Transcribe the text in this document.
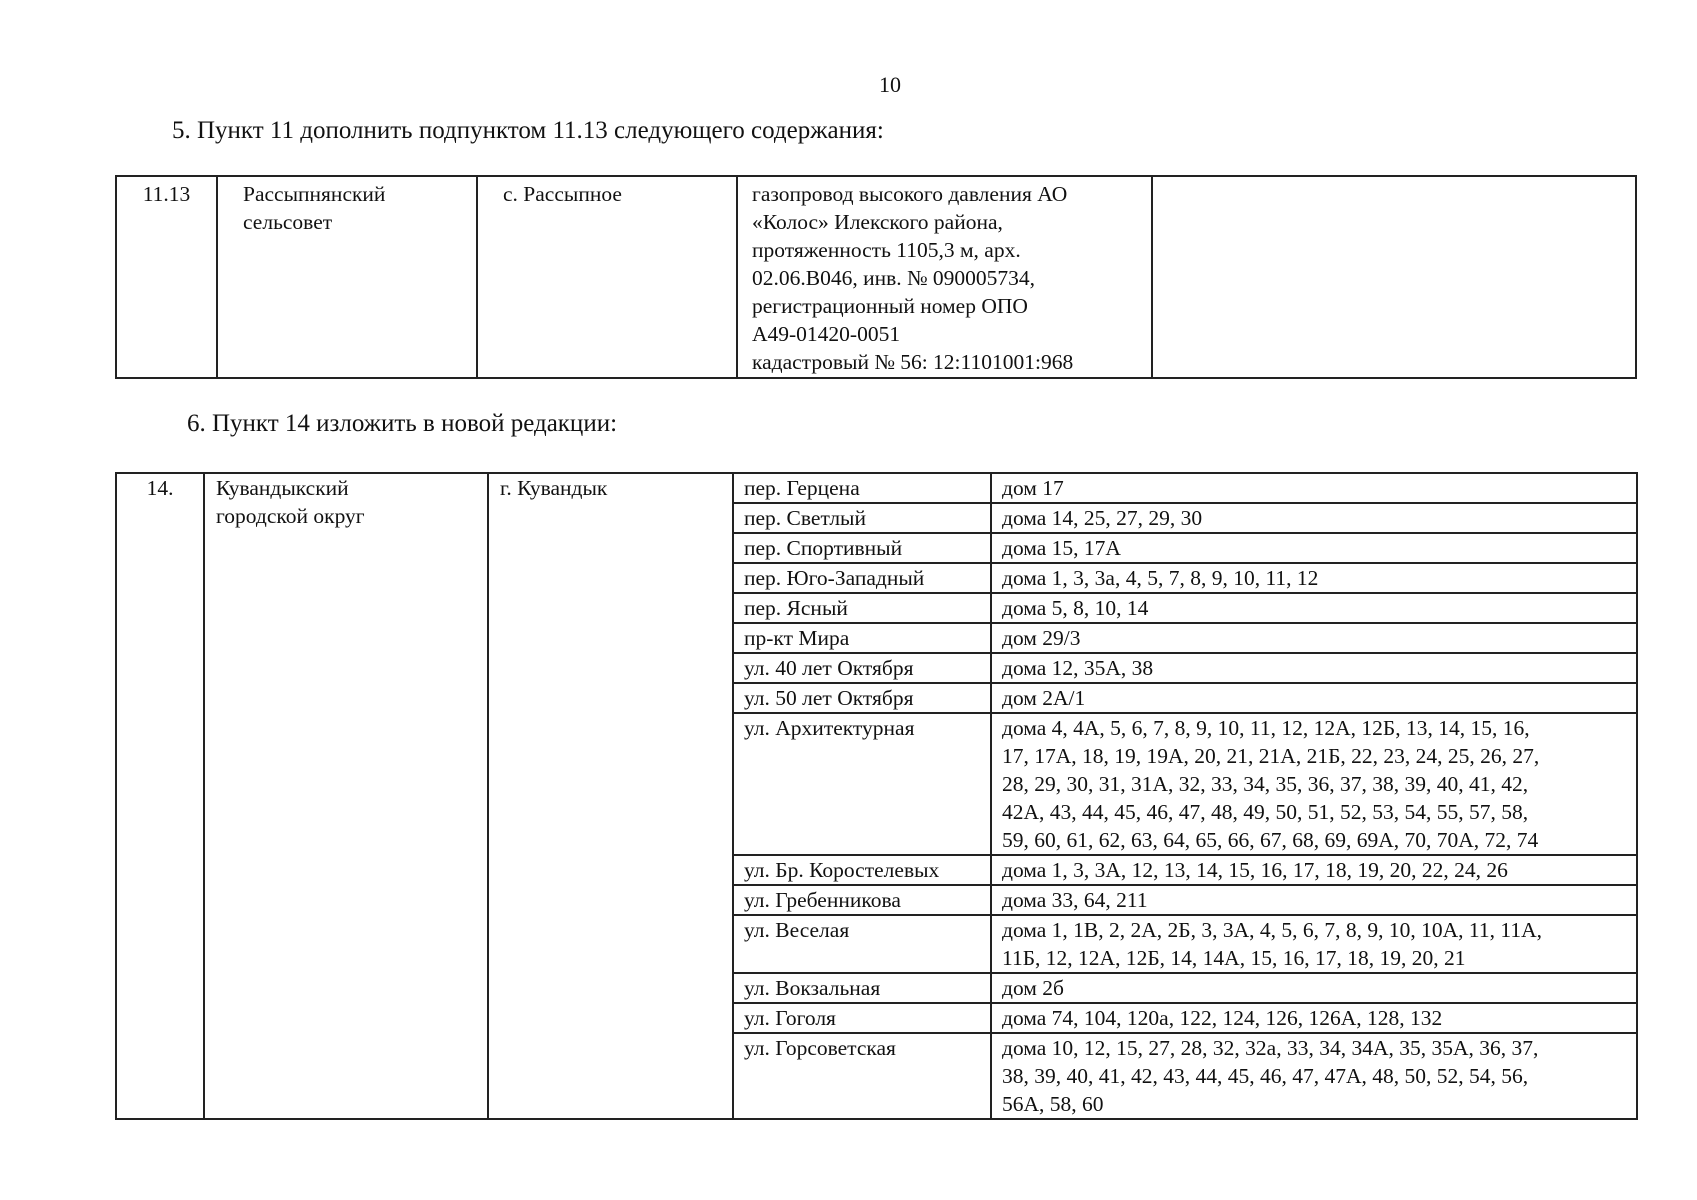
10
5. Пункт 11 дополнить подпунктом 11.13 следующего содержания:
11.13	Рассыпнянский
сельсовет
	с. Рассыпное	газопровод высокого давления АО
«Колос» Илекского района,
протяженность 1105,3 м, арх.
02.06.В046, инв. № 090005734,
регистрационный номер ОПО
А49-01420-0051
кадастровый № 56: 12:1101001:968

6. Пункт 14 изложить в новой редакции:
14.	Кувандыкский
городской округ	г. Кувандык	пер. Герцена	дом 17

			пер. Светлый	дома 14, 25, 27, 29, 30

			пер. Спортивный	дома 15, 17А

			пер. Юго-Западный	дома 1, 3, 3а, 4, 5, 7, 8, 9, 10, 11, 12

			пер. Ясный	дома 5, 8, 10, 14

			пр-кт Мира	дом 29/3

			ул. 40 лет Октября	дома 12, 35А, 38

			ул. 50 лет Октября	дом 2А/1

			ул. Архитектурная	дома 4, 4А, 5, 6, 7, 8, 9, 10, 11, 12, 12А, 12Б, 13, 14, 15, 16,
17, 17А, 18, 19, 19А, 20, 21, 21А, 21Б, 22, 23, 24, 25, 26, 27,
28, 29, 30, 31, 31А, 32, 33, 34, 35, 36, 37, 38, 39, 40, 41, 42,
42А, 43, 44, 45, 46, 47, 48, 49, 50, 51, 52, 53, 54, 55, 57, 58,
59, 60, 61, 62, 63, 64, 65, 66, 67, 68, 69, 69А, 70, 70А, 72, 74

			ул. Бр. Коростелевых	дома 1, 3, 3А, 12, 13, 14, 15, 16, 17, 18, 19, 20, 22, 24, 26

			ул. Гребенникова	дома 33, 64, 211

			ул. Веселая	дома 1, 1В, 2, 2А, 2Б, 3, 3А, 4, 5, 6, 7, 8, 9, 10, 10А, 11, 11А,
11Б, 12, 12А, 12Б, 14, 14А, 15, 16, 17, 18, 19, 20, 21

			ул. Вокзальная	дом 2б

			ул. Гоголя	дома 74, 104, 120а, 122, 124, 126, 126А, 128, 132

			ул. Горсоветская	дома 10, 12, 15, 27, 28, 32, 32а, 33, 34, 34А, 35, 35А, 36, 37,
38, 39, 40, 41, 42, 43, 44, 45, 46, 47, 47А, 48, 50, 52, 54, 56,
56А, 58, 60
